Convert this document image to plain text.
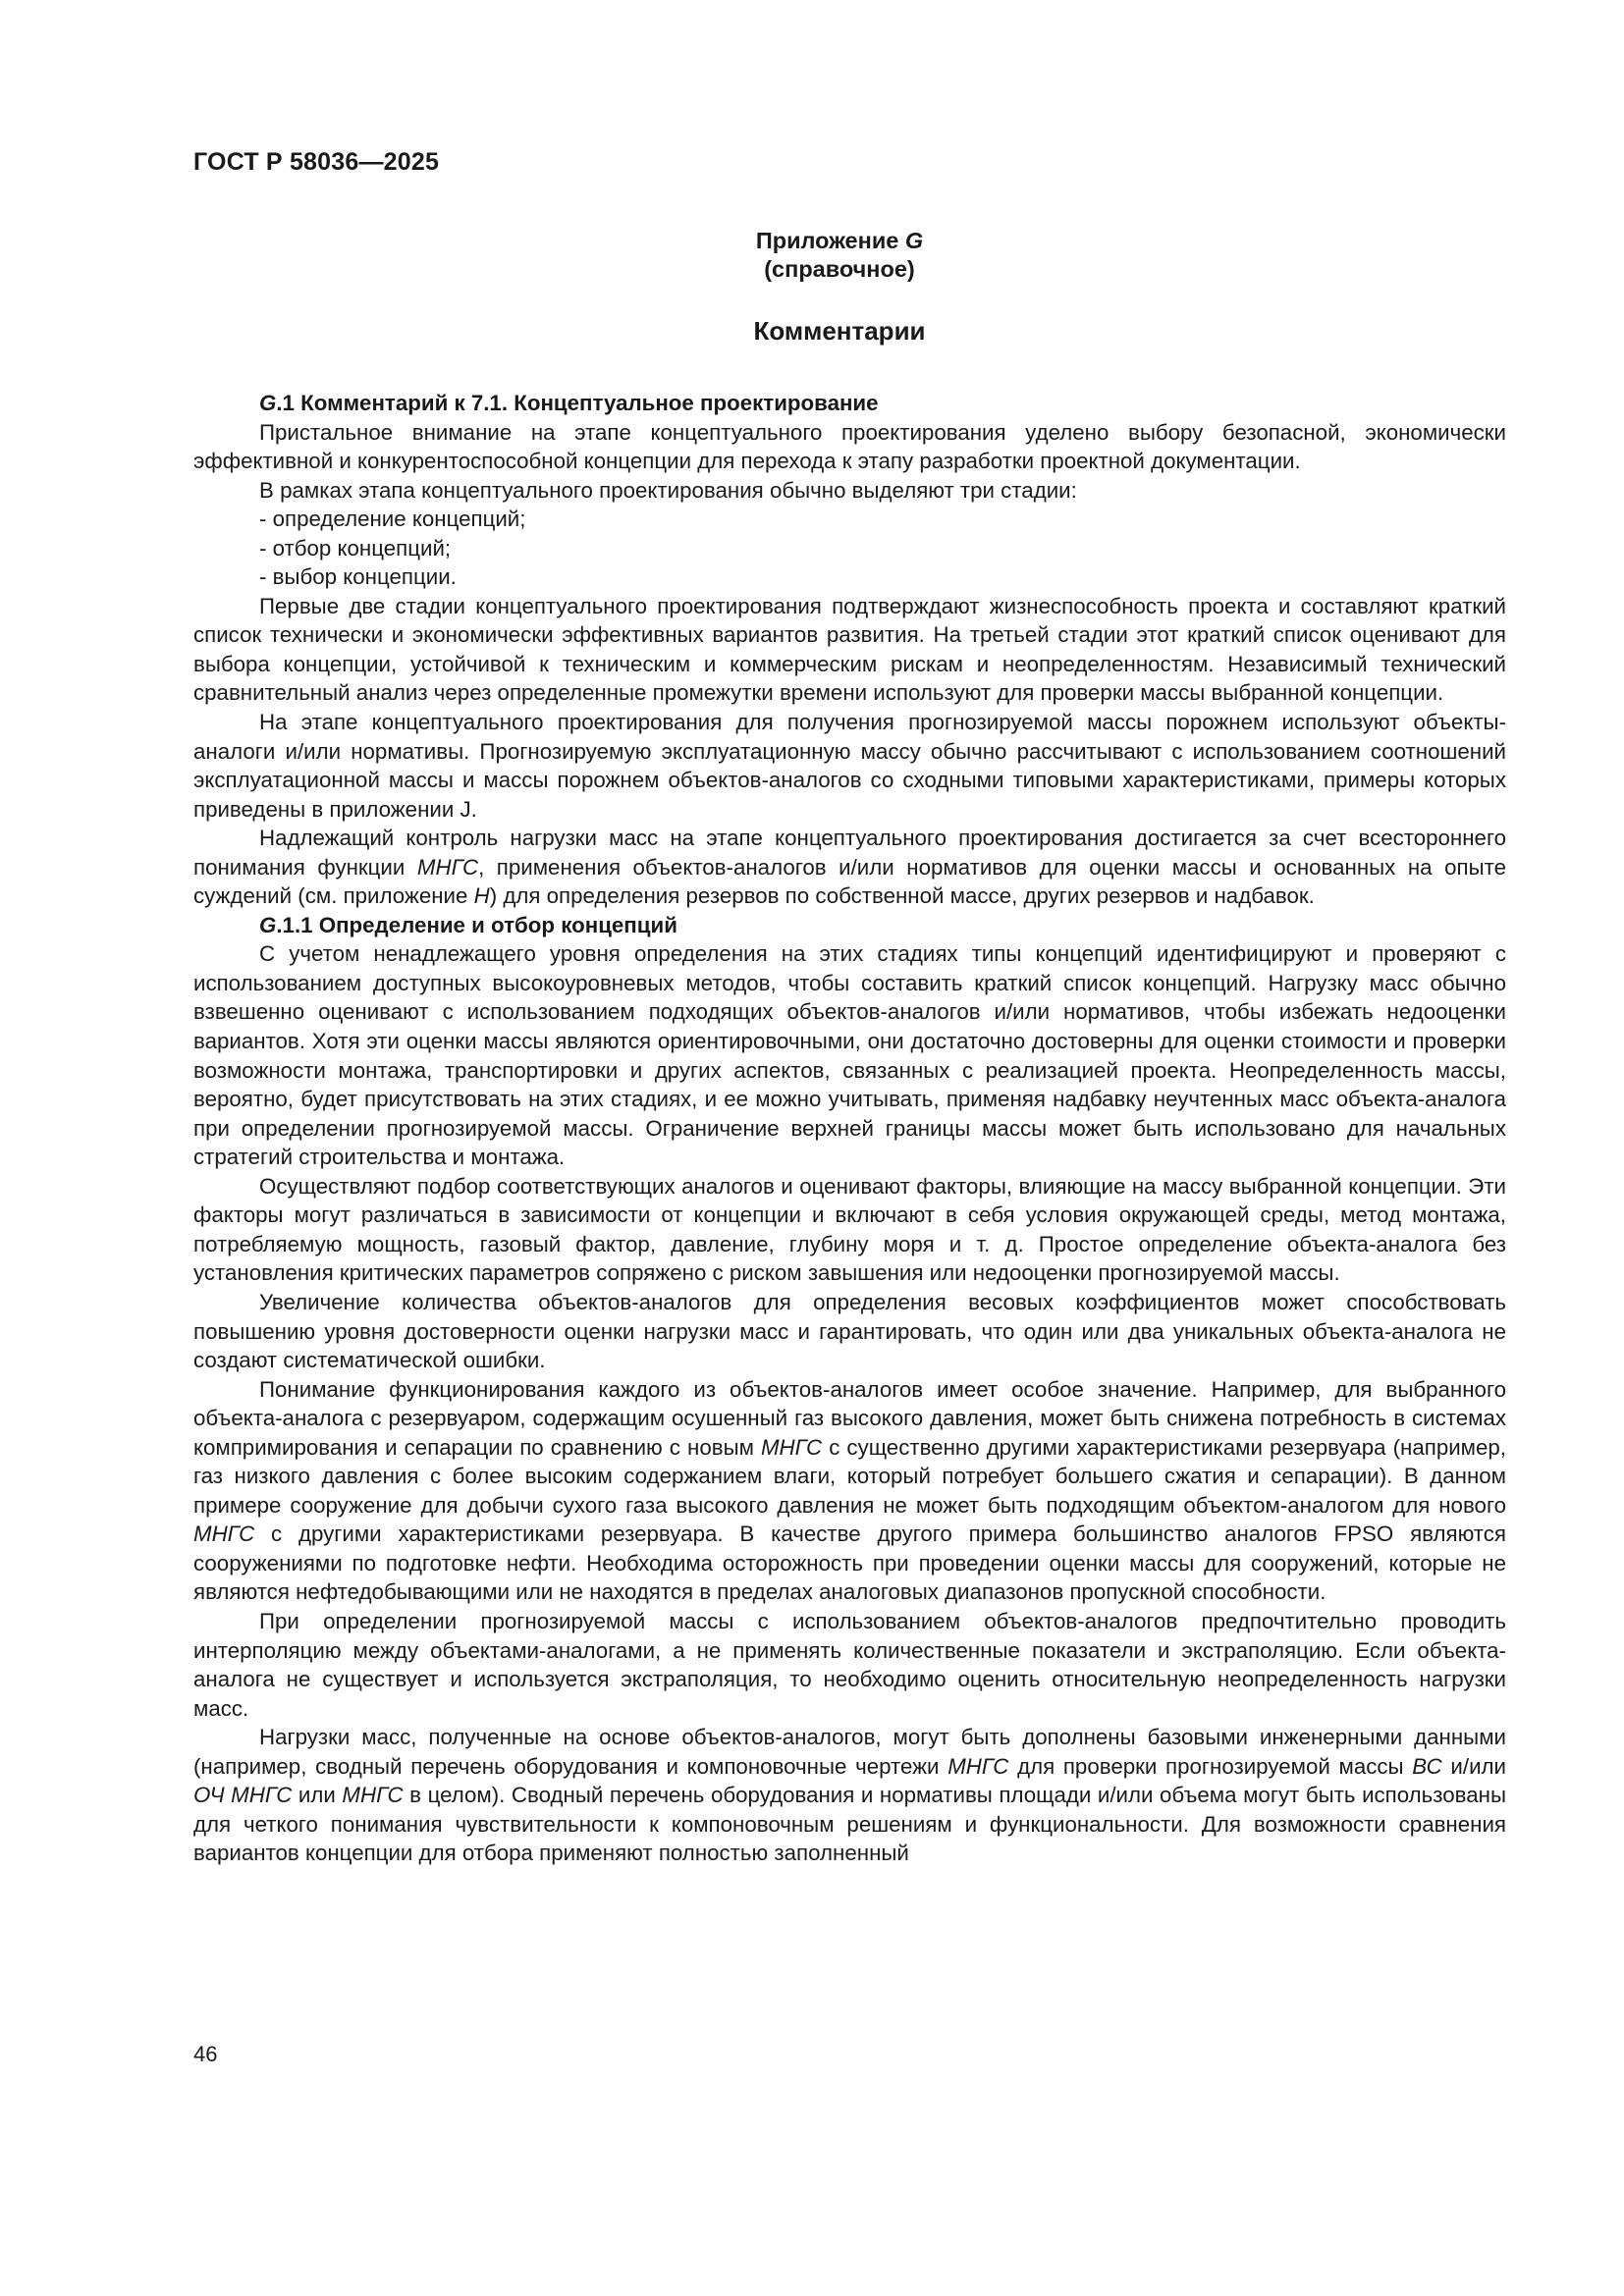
ГОСТ Р 58036—2025
Приложение G
(справочное)
Комментарии

G.1 Комментарий к 7.1. Концептуальное проектирование

Пристальное внимание на этапе концептуального проектирования уделено выбору безопасной, экономически эффективной и конкурентоспособной концепции для перехода к этапу разработки проектной документации.

В рамках этапа концептуального проектирования обычно выделяют три стадии:

- определение концепций;

- отбор концепций;

- выбор концепции.

Первые две стадии концептуального проектирования подтверждают жизнеспособность проекта и составляют краткий список технически и экономически эффективных вариантов развития. На третьей стадии этот краткий список оценивают для выбора концепции, устойчивой к техническим и коммерческим рискам и неопределенностям. Независимый технический сравнительный анализ через определенные промежутки времени используют для проверки массы выбранной концепции.

На этапе концептуального проектирования для получения прогнозируемой массы порожнем используют объекты-аналоги и/или нормативы. Прогнозируемую эксплуатационную массу обычно рассчитывают с использованием соотношений эксплуатационной массы и массы порожнем объектов-аналогов со сходными типовыми характеристиками, примеры которых приведены в приложении J.

Надлежащий контроль нагрузки масс на этапе концептуального проектирования достигается за счет всестороннего понимания функции МНГС, применения объектов-аналогов и/или нормативов для оценки массы и основанных на опыте суждений (см. приложение H) для определения резервов по собственной массе, других резервов и надбавок.

G.1.1 Определение и отбор концепций

С учетом ненадлежащего уровня определения на этих стадиях типы концепций идентифицируют и проверяют с использованием доступных высокоуровневых методов, чтобы составить краткий список концепций. Нагрузку масс обычно взвешенно оценивают с использованием подходящих объектов-аналогов и/или нормативов, чтобы избежать недооценки вариантов. Хотя эти оценки массы являются ориентировочными, они достаточно достоверны для оценки стоимости и проверки возможности монтажа, транспортировки и других аспектов, связанных с реализацией проекта. Неопределенность массы, вероятно, будет присутствовать на этих стадиях, и ее можно учитывать, применяя надбавку неучтенных масс объекта-аналога при определении прогнозируемой массы. Ограничение верхней границы массы может быть использовано для начальных стратегий строительства и монтажа.

Осуществляют подбор соответствующих аналогов и оценивают факторы, влияющие на массу выбранной концепции. Эти факторы могут различаться в зависимости от концепции и включают в себя условия окружающей среды, метод монтажа, потребляемую мощность, газовый фактор, давление, глубину моря и т. д. Простое определение объекта-аналога без установления критических параметров сопряжено с риском завышения или недооценки прогнозируемой массы.

Увеличение количества объектов-аналогов для определения весовых коэффициентов может способствовать повышению уровня достоверности оценки нагрузки масс и гарантировать, что один или два уникальных объекта-аналога не создают систематической ошибки.

Понимание функционирования каждого из объектов-аналогов имеет особое значение. Например, для выбранного объекта-аналога с резервуаром, содержащим осушенный газ высокого давления, может быть снижена потребность в системах компримирования и сепарации по сравнению с новым МНГС с существенно другими характеристиками резервуара (например, газ низкого давления с более высоким содержанием влаги, который потребует большего сжатия и сепарации). В данном примере сооружение для добычи сухого газа высокого давления не может быть подходящим объектом-аналогом для нового МНГС с другими характеристиками резервуара. В качестве другого примера большинство аналогов FPSO являются сооружениями по подготовке нефти. Необходима осторожность при проведении оценки массы для сооружений, которые не являются нефтедобывающими или не находятся в пределах аналоговых диапазонов пропускной способности.

При определении прогнозируемой массы с использованием объектов-аналогов предпочтительно проводить интерполяцию между объектами-аналогами, а не применять количественные показатели и экстраполяцию. Если объекта-аналога не существует и используется экстраполяция, то необходимо оценить относительную неопределенность нагрузки масс.

Нагрузки масс, полученные на основе объектов-аналогов, могут быть дополнены базовыми инженерными данными (например, сводный перечень оборудования и компоновочные чертежи МНГС для проверки прогнозируемой массы ВС и/или ОЧ МНГС или МНГС в целом). Сводный перечень оборудования и нормативы площади и/или объема могут быть использованы для четкого понимания чувствительности к компоновочным решениям и функциональности. Для возможности сравнения вариантов концепции для отбора применяют полностью заполненный

46
